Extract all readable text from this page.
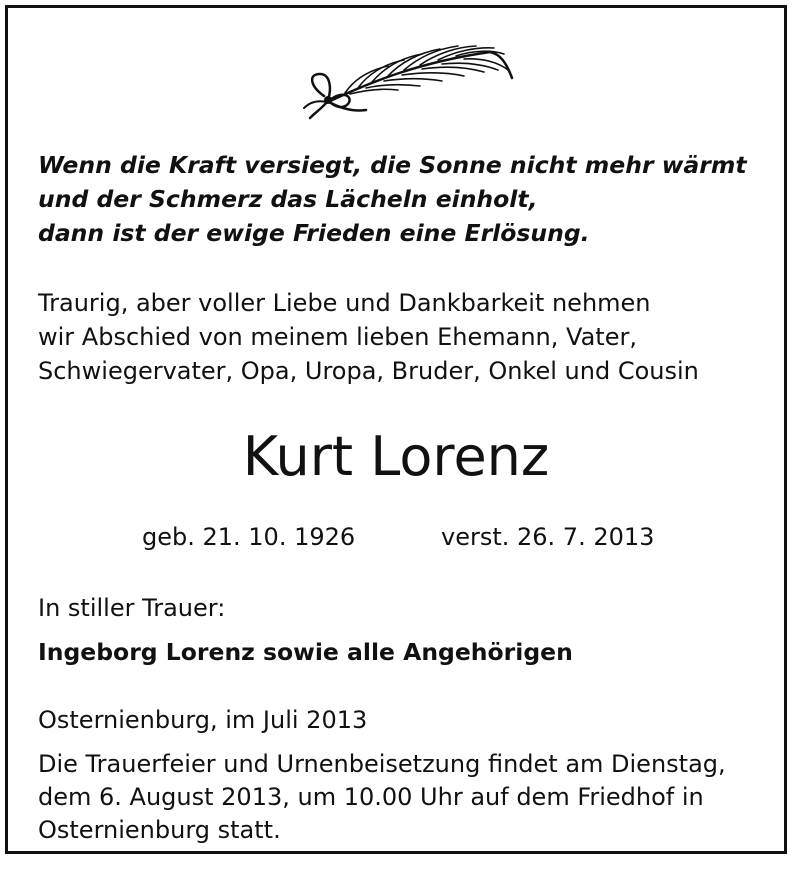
Wenn die Kraft versiegt, die Sonne nicht mehr wärmt
und der Schmerz das Lächeln einholt,
dann ist der ewige Frieden eine Erlösung.

Traurig, aber voller Liebe und Dankbarkeit nehmen
wir Abschied von meinem lieben Ehemann, Vater,
Schwiegervater, Opa, Uropa, Bruder, Onkel und Cousin

Kurt Lorenz
geb. 21. 10. 1926	verst. 26. 7. 2013

In stiller Trauer:

Ingeborg Lorenz sowie alle Angehörigen

Osternienburg, im Juli 2013

Die Trauerfeier und Urnenbeisetzung findet am Dienstag,
dem 6. August 2013, um 10.00 Uhr auf dem Friedhof in
Osternienburg statt.
